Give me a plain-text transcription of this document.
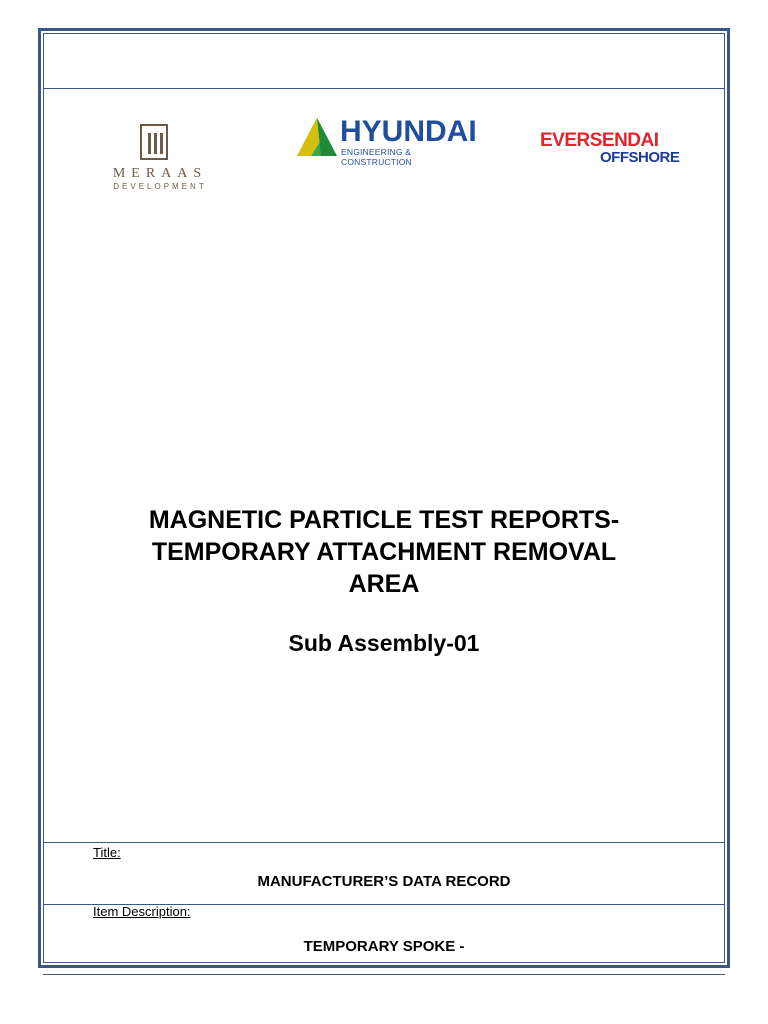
MERAAS
DEVELOPMENT
HYUNDAI
ENGINEERING & CONSTRUCTION
EVERSENDAI
OFFSHORE
MAGNETIC PARTICLE TEST REPORTS-
TEMPORARY ATTACHMENT REMOVAL
AREA
Sub Assembly-01
Title:
MANUFACTURER’S DATA RECORD
Item Description:
TEMPORARY SPOKE -
